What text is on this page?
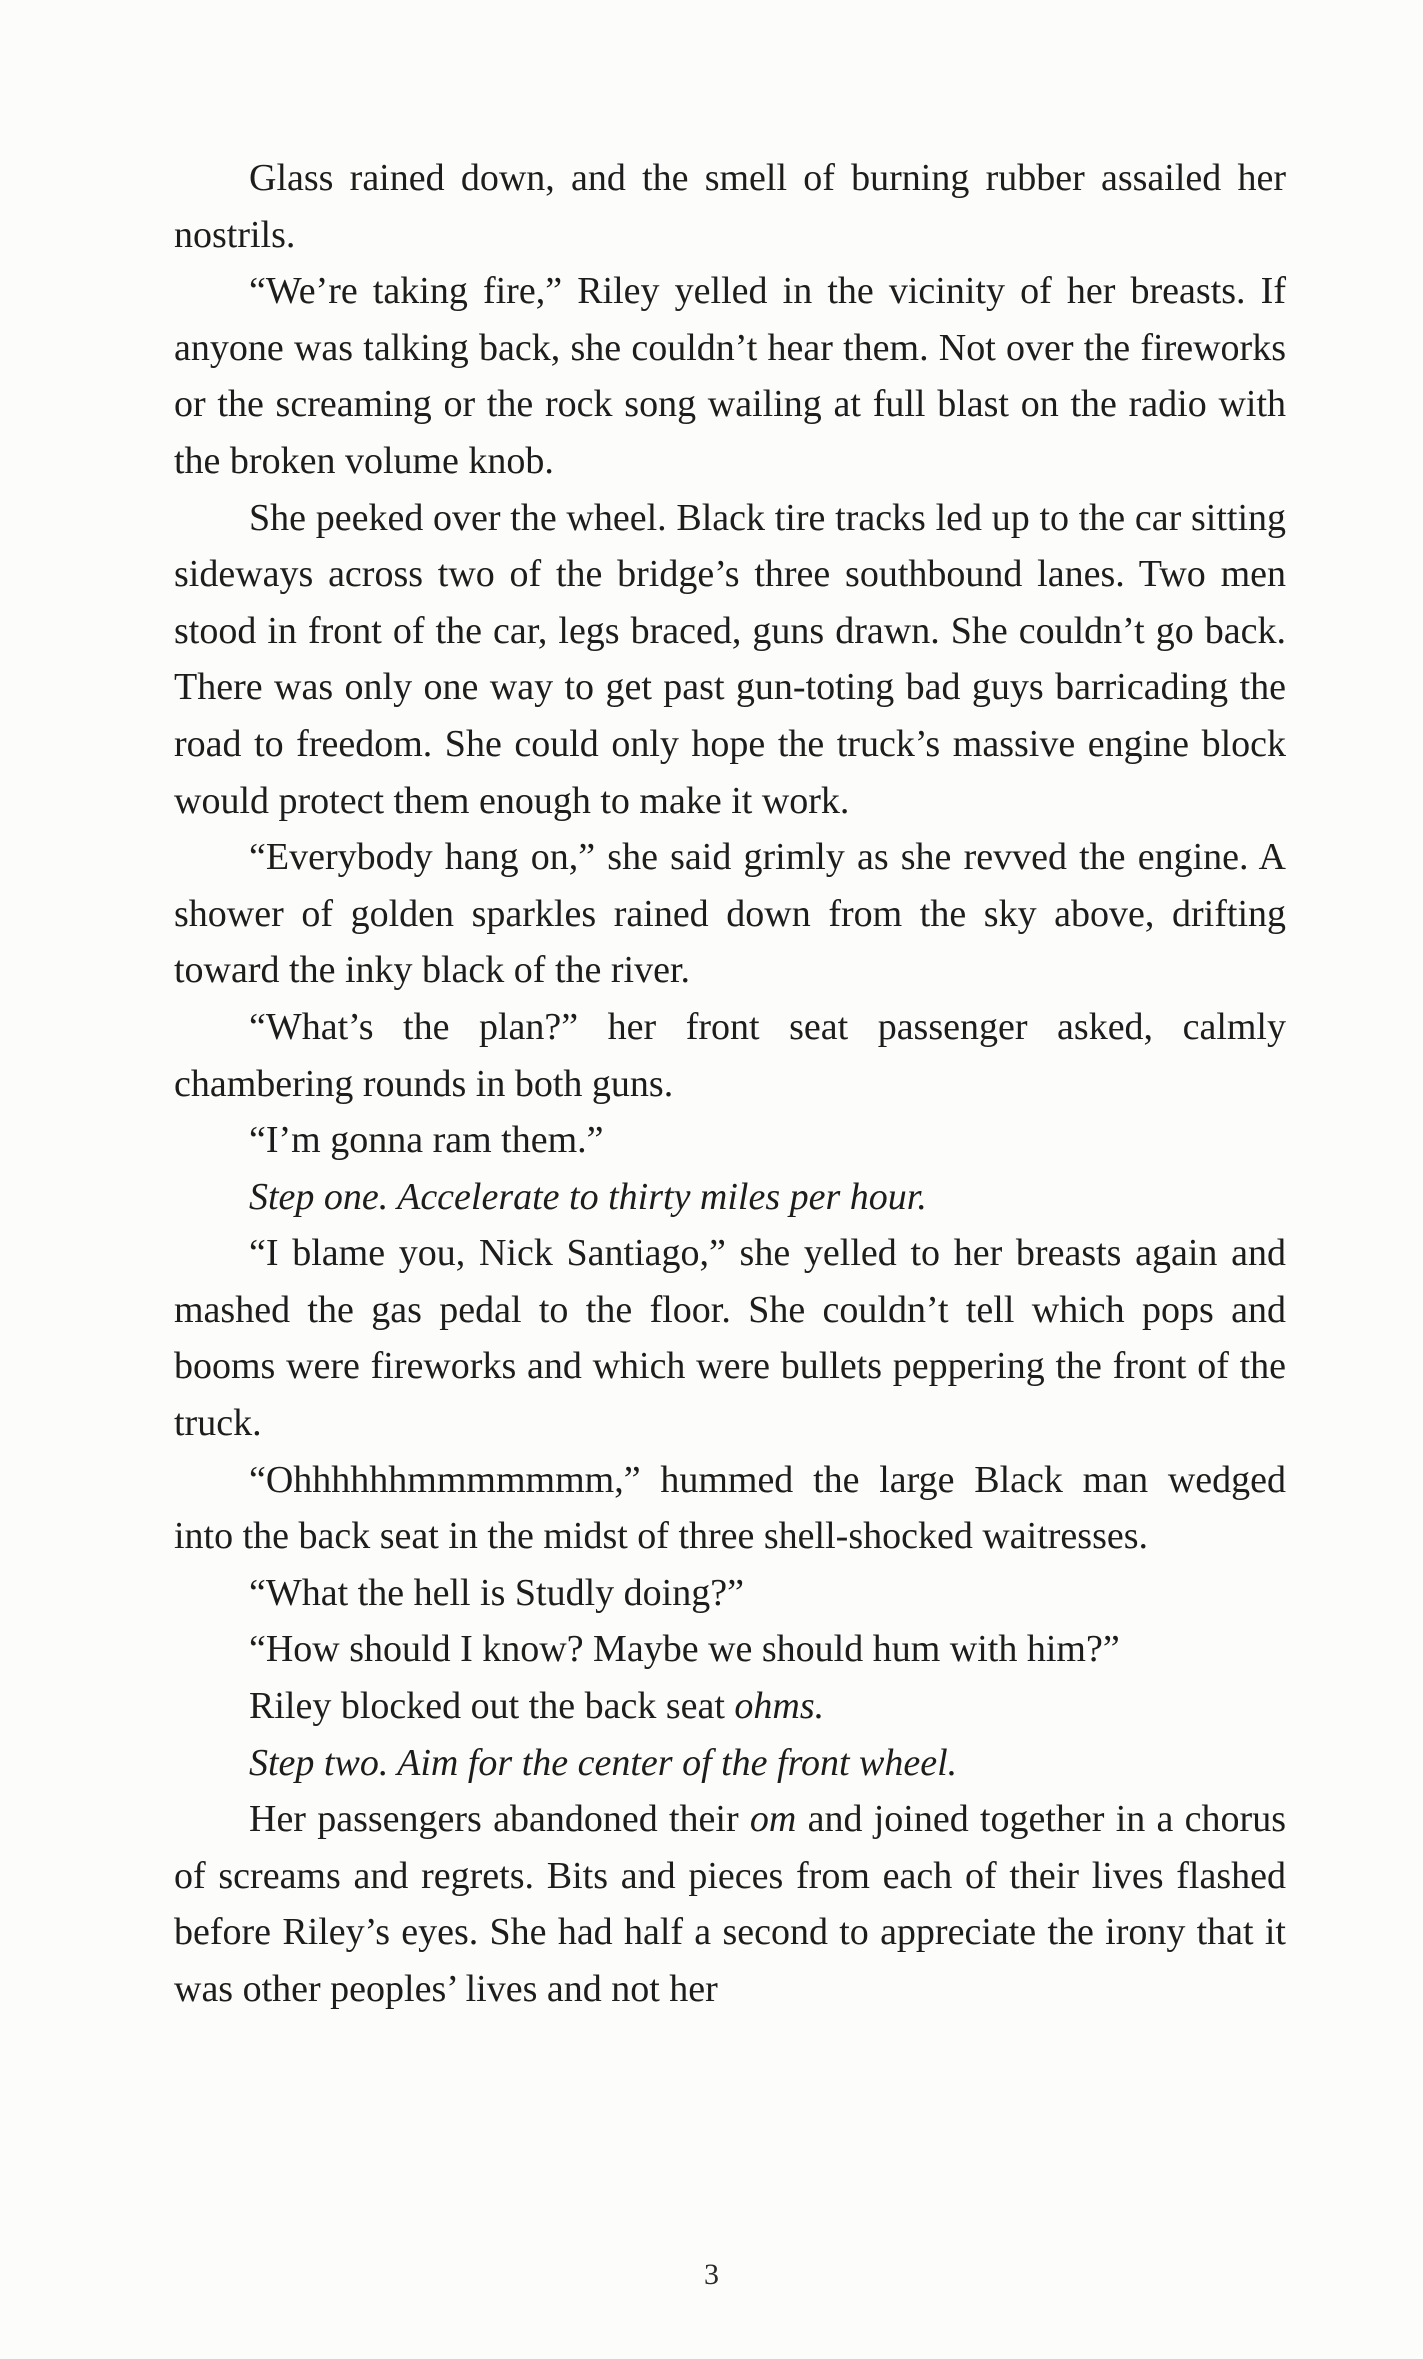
Glass rained down, and the smell of burning rubber assailed her nostrils.

“We’re taking fire,” Riley yelled in the vicinity of her breasts. If anyone was talking back, she couldn’t hear them. Not over the fireworks or the screaming or the rock song wailing at full blast on the radio with the broken volume knob.

She peeked over the wheel. Black tire tracks led up to the car sitting sideways across two of the bridge’s three southbound lanes. Two men stood in front of the car, legs braced, guns drawn. She couldn’t go back. There was only one way to get past gun-toting bad guys barricading the road to freedom. She could only hope the truck’s massive engine block would protect them enough to make it work.

“Everybody hang on,” she said grimly as she revved the engine. A shower of golden sparkles rained down from the sky above, drifting toward the inky black of the river.

“What’s the plan?” her front seat passenger asked, calmly chambering rounds in both guns.

“I’m gonna ram them.”

Step one. Accelerate to thirty miles per hour.

“I blame you, Nick Santiago,” she yelled to her breasts again and mashed the gas pedal to the floor. She couldn’t tell which pops and booms were fireworks and which were bullets peppering the front of the truck.

“Ohhhhhhmmmmmmm,” hummed the large Black man wedged into the back seat in the midst of three shell-shocked waitresses.

“What the hell is Studly doing?”

“How should I know? Maybe we should hum with him?”

Riley blocked out the back seat ohms.

Step two. Aim for the center of the front wheel.

Her passengers abandoned their om and joined together in a chorus of screams and regrets. Bits and pieces from each of their lives flashed before Riley’s eyes. She had half a second to appreciate the irony that it was other peoples’ lives and not her

3
